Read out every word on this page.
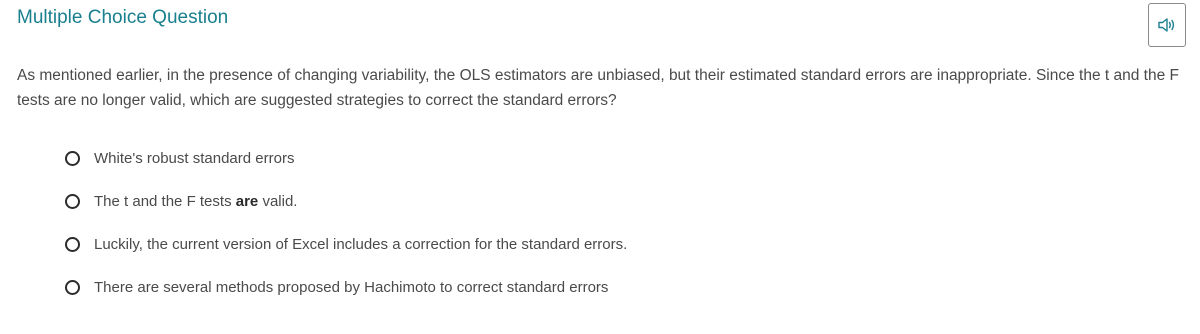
Multiple Choice Question
As mentioned earlier, in the presence of changing variability, the OLS estimators are unbiased, but their estimated standard errors are inappropriate. Since the t and the F tests are no longer valid, which are suggested strategies to correct the standard errors?
White's robust standard errors
The t and the F tests are valid.
Luckily, the current version of Excel includes a correction for the standard errors.
There are several methods proposed by Hachimoto to correct standard errors
